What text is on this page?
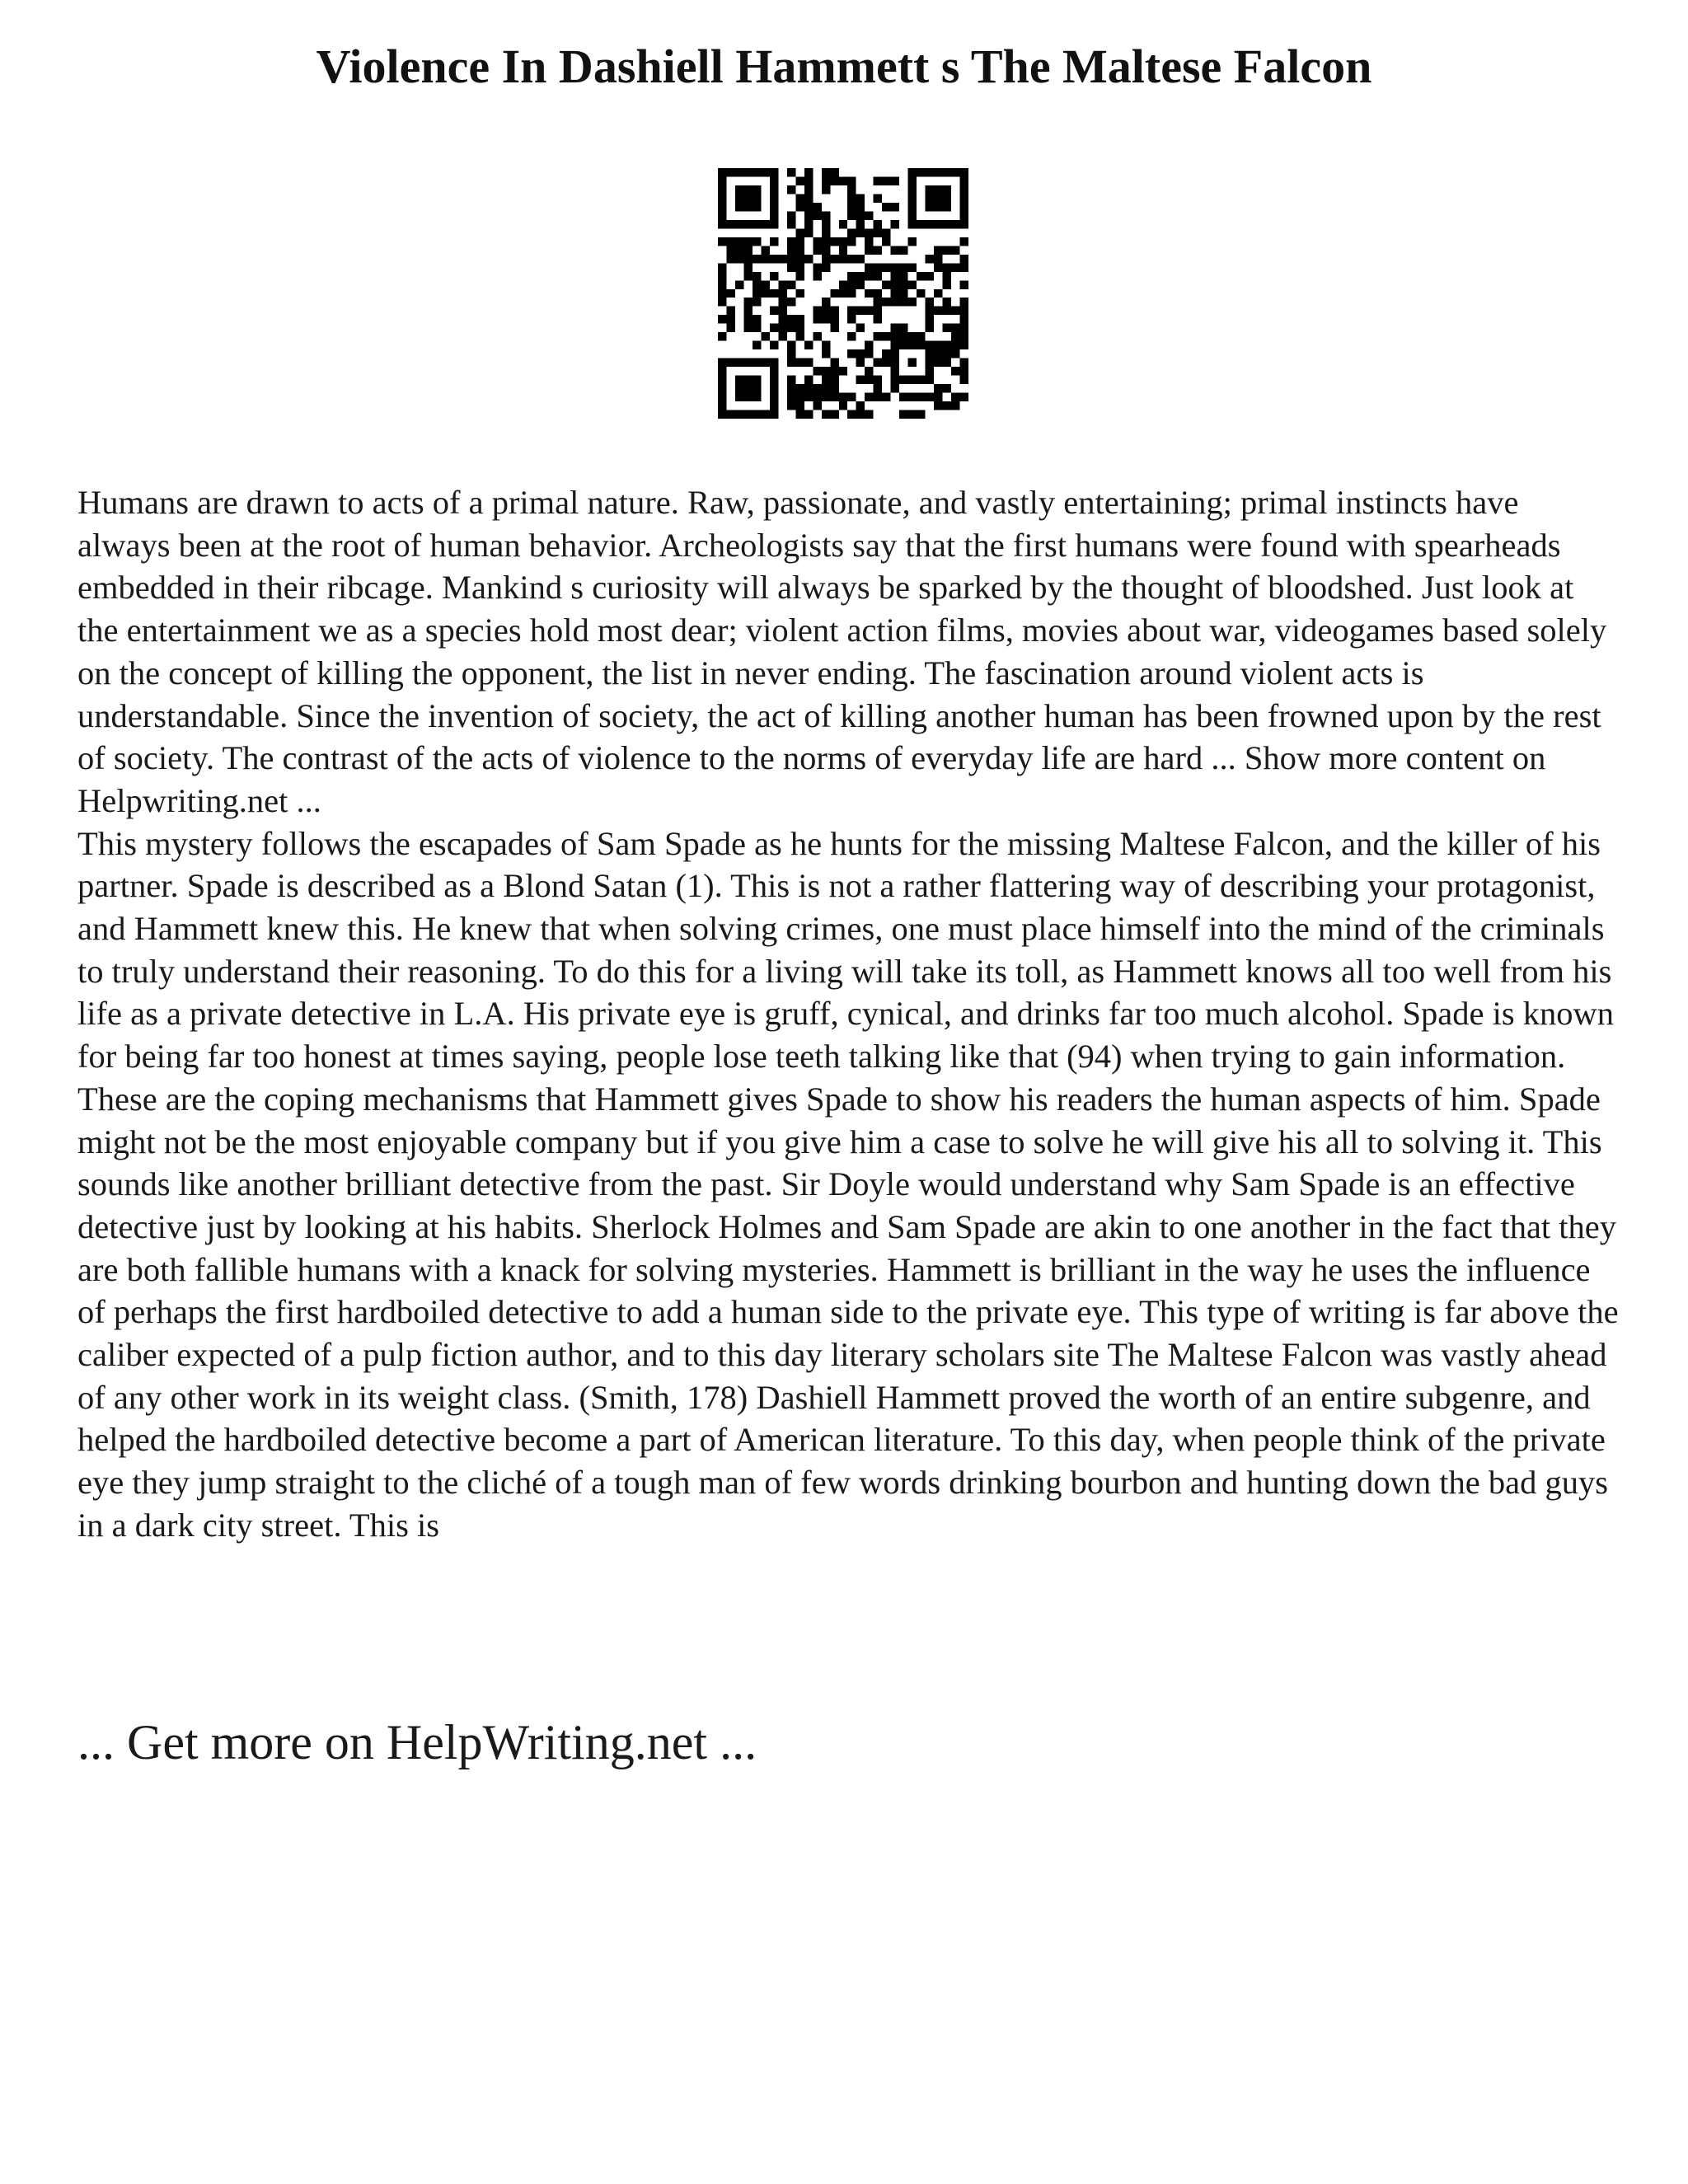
Violence In Dashiell Hammett s The Maltese Falcon

Humans are drawn to acts of a primal nature. Raw, passionate, and vastly entertaining; primal instincts have always been at the root of human behavior. Archeologists say that the first humans were found with spearheads embedded in their ribcage. Mankind s curiosity will always be sparked by the thought of bloodshed. Just look at the entertainment we as a species hold most dear; violent action films, movies about war, videogames based solely on the concept of killing the opponent, the list in never ending. The fascination around violent acts is understandable. Since the invention of society, the act of killing another human has been frowned upon by the rest of society. The contrast of the acts of violence to the norms of everyday life are hard ... Show more content on Helpwriting.net ...

This mystery follows the escapades of Sam Spade as he hunts for the missing Maltese Falcon, and the killer of his partner. Spade is described as a Blond Satan (1). This is not a rather flattering way of describing your protagonist, and Hammett knew this. He knew that when solving crimes, one must place himself into the mind of the criminals to truly understand their reasoning. To do this for a living will take its toll, as Hammett knows all too well from his life as a private detective in L.A. His private eye is gruff, cynical, and drinks far too much alcohol. Spade is known for being far too honest at times saying, people lose teeth talking like that (94) when trying to gain information. These are the coping mechanisms that Hammett gives Spade to show his readers the human aspects of him. Spade might not be the most enjoyable company but if you give him a case to solve he will give his all to solving it. This sounds like another brilliant detective from the past. Sir Doyle would understand why Sam Spade is an effective detective just by looking at his habits. Sherlock Holmes and Sam Spade are akin to one another in the fact that they are both fallible humans with a knack for solving mysteries. Hammett is brilliant in the way he uses the influence of perhaps the first hardboiled detective to add a human side to the private eye. This type of writing is far above the caliber expected of a pulp fiction author, and to this day literary scholars site The Maltese Falcon was vastly ahead of any other work in its weight class. (Smith, 178) Dashiell Hammett proved the worth of an entire subgenre, and helped the hardboiled detective become a part of American literature. To this day, when people think of the private eye they jump straight to the cliché of a tough man of few words drinking bourbon and hunting down the bad guys in a dark city street. This is

... Get more on HelpWriting.net ...
